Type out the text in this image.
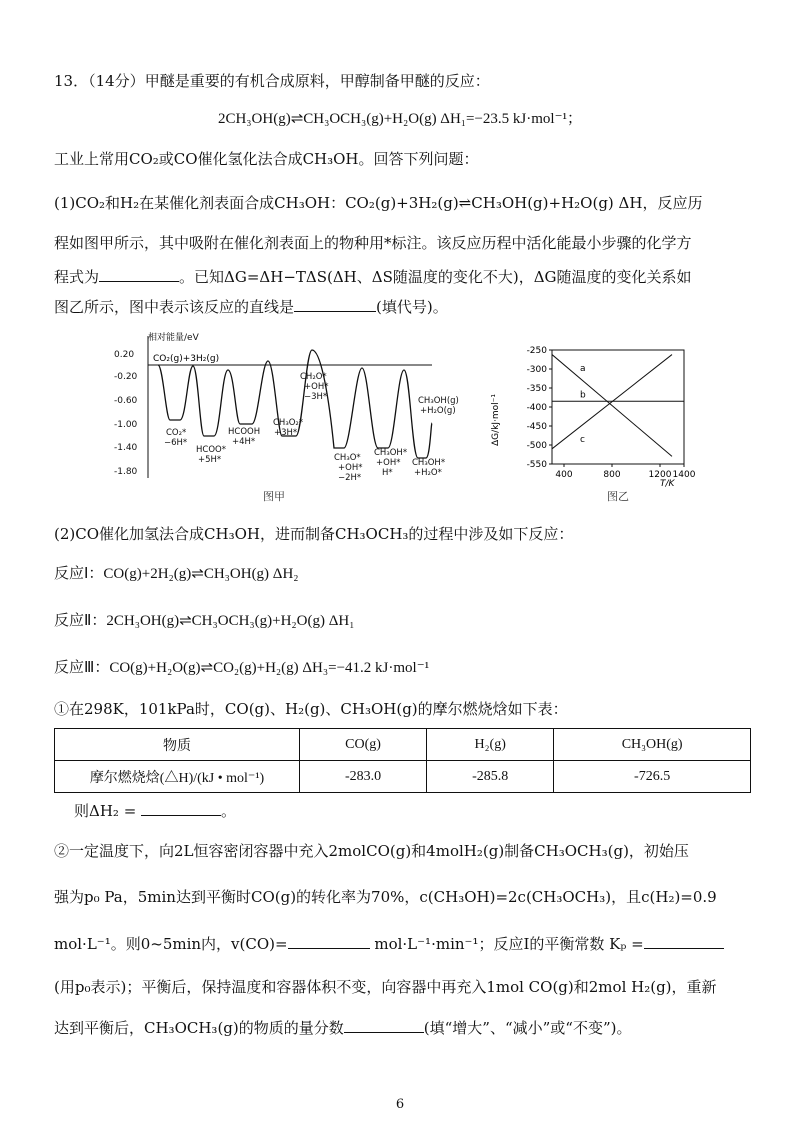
13．（14分）甲醚是重要的有机合成原料，甲醇制备甲醚的反应：
2CH₃OH(g)⇌CH₃OCH₃(g)+H₂O(g) ΔH₁=−23.5 kJ·mol⁻¹；
工业上常用CO₂或CO催化氢化法合成CH₃OH。回答下列问题：
(1)CO₂和H₂在某催化剂表面合成CH₃OH：CO₂(g)+3H₂(g)⇌CH₃OH(g)+H₂O(g) ΔH，反应历
程如图甲所示，其中吸附在催化剂表面上的物种用*标注。该反应历程中活化能最小步骤的化学方
程式为	。已知ΔG=ΔH−TΔS(ΔH、ΔS随温度的变化不大)，ΔG随温度的变化关系如
图乙所示，图中表示该反应的直线是	(填代号)。
相对能量/eV
0.20
-0.20
-0.60
-1.00
-1.40
-1.80
CO₂(g)+3H₂(g)
CO₂*
−6H*
HCOO*
+5H*
HCOOH
+4H*
CH₃O₂*
+3H*
CH₂O*
+OH*
−3H*
CH₃O*
+OH*
−2H*
CH₃OH*
+OH*
H*
CH₃OH*
+H₂O*
CH₃OH(g)
+H₂O(g)
图甲
ΔG/kJ·mol⁻¹
-250
-300
-350
-400
-450
-500
-550
400	800	1200 1400
a
b
c
T/K
图乙
(2)CO催化加氢法合成CH₃OH，进而制备CH₃OCH₃的过程中涉及如下反应：
反应Ⅰ：CO(g)+2H₂(g)⇌CH₃OH(g) ΔH₂
反应Ⅱ：2CH₃OH(g)⇌CH₃OCH₃(g)+H₂O(g) ΔH₁
反应Ⅲ：CO(g)+H₂O(g)⇌CO₂(g)+H₂(g) ΔH₃=−41.2 kJ·mol⁻¹
①在298K，101kPa时，CO(g)、H₂(g)、CH₃OH(g)的摩尔燃烧焓如下表：
物质	CO(g)	H₂(g)	CH₃OH(g)
摩尔燃烧焓(△H)/(kJ • mol⁻¹)	-283.0	-285.8	-726.5
则ΔH₂ =	。
②一定温度下，向2L恒容密闭容器中充入2molCO(g)和4molH₂(g)制备CH₃OCH₃(g)，初始压
强为p₀ Pa，5min达到平衡时CO(g)的转化率为70%，c(CH₃OH)=2c(CH₃OCH₃)，且c(H₂)=0.9
mol·L⁻¹。则0~5min内，v(CO)=	mol·L⁻¹·min⁻¹；反应Ⅰ的平衡常数 Kₚ =
(用p₀表示)；平衡后，保持温度和容器体积不变，向容器中再充入1mol CO(g)和2mol H₂(g)，重新
达到平衡后，CH₃OCH₃(g)的物质的量分数	(填“增大”、“减小”或“不变”)。
6
